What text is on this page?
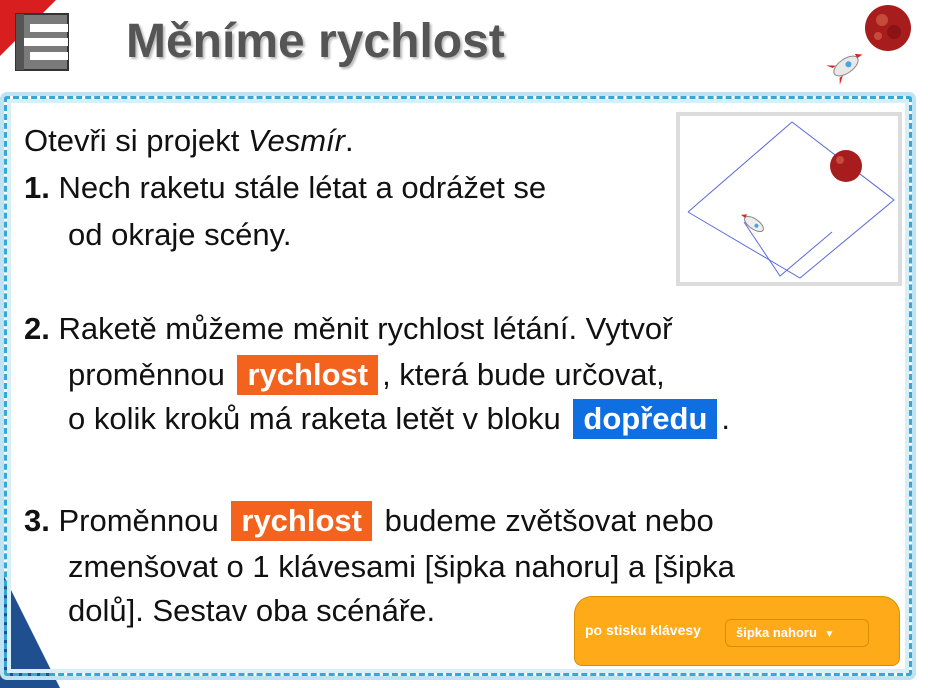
Měníme rychlost
Otevři si projekt Vesmír.
1. Nech raketu stále létat a odrážet se
od okraje scény.
2. Raketě můžeme měnit rychlost létání. Vytvoř
proměnnou rychlost , která bude určovat,
o kolik kroků má raketa letět v bloku dopředu .
3. Proměnnou rychlost budeme zvětšovat nebo
zmenšovat o 1 klávesami [šipka nahoru] a [šipka
dolů]. Sestav oba scénáře.
po stisku klávesy	šipka nahoru ▼
